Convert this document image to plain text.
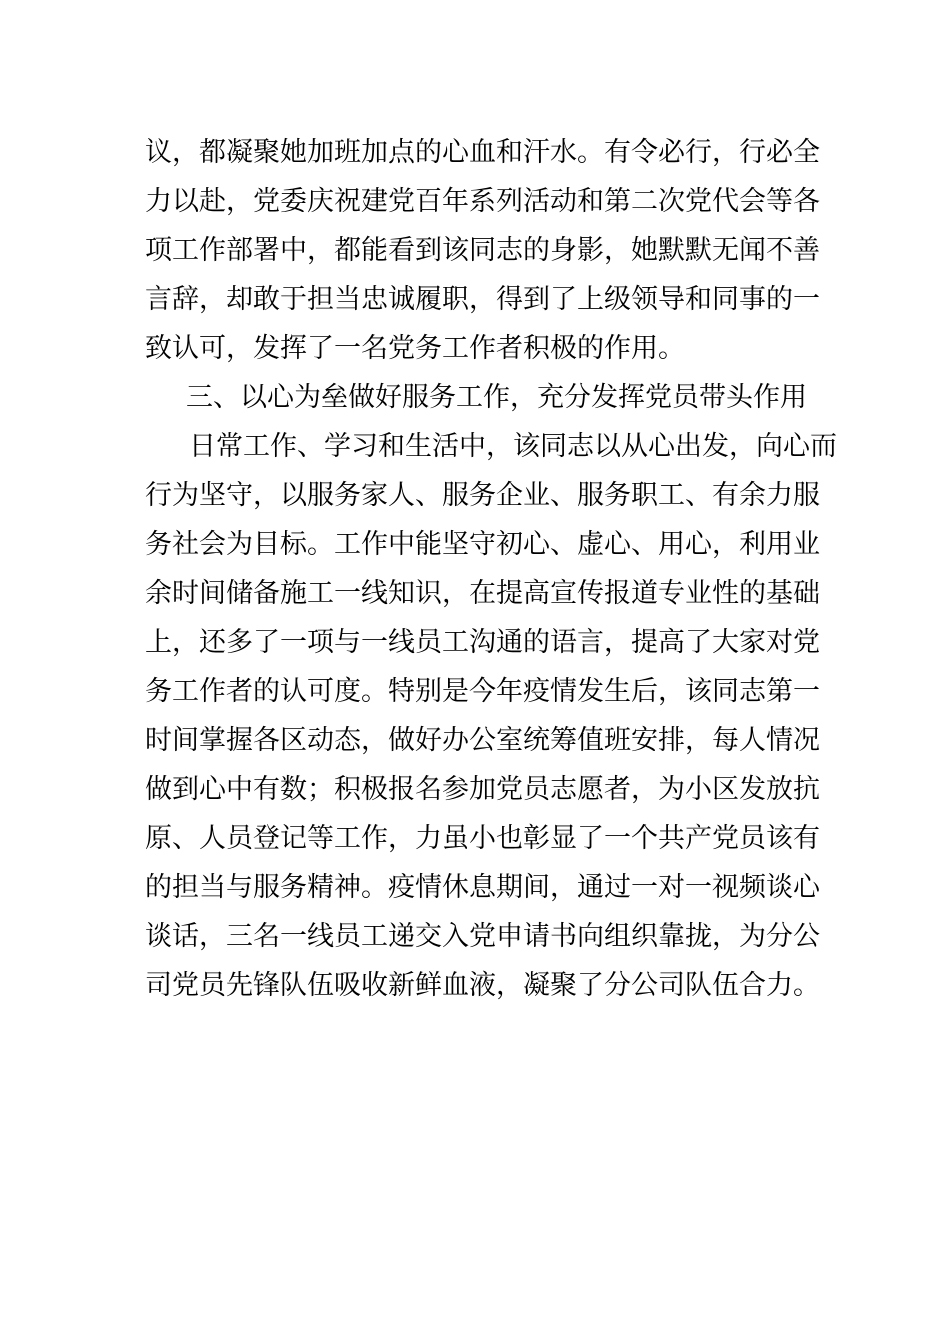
议，都凝聚她加班加点的心血和汗水。有令必行，行必全
力以赴，党委庆祝建党百年系列活动和第二次党代会等各
项工作部署中，都能看到该同志的身影，她默默无闻不善
言辞，却敢于担当忠诚履职，得到了上级领导和同事的一
致认可，发挥了一名党务工作者积极的作用。
三、以心为垒做好服务工作，充分发挥党员带头作用
日常工作、学习和生活中，该同志以从心出发，向心而
行为坚守，以服务家人、服务企业、服务职工、有余力服
务社会为目标。工作中能坚守初心、虚心、用心，利用业
余时间储备施工一线知识，在提高宣传报道专业性的基础
上，还多了一项与一线员工沟通的语言，提高了大家对党
务工作者的认可度。特别是今年疫情发生后，该同志第一
时间掌握各区动态，做好办公室统筹值班安排，每人情况
做到心中有数；积极报名参加党员志愿者，为小区发放抗
原、人员登记等工作，力虽小也彰显了一个共产党员该有
的担当与服务精神。疫情休息期间，通过一对一视频谈心
谈话，三名一线员工递交入党申请书向组织靠拢，为分公
司党员先锋队伍吸收新鲜血液，凝聚了分公司队伍合力。
